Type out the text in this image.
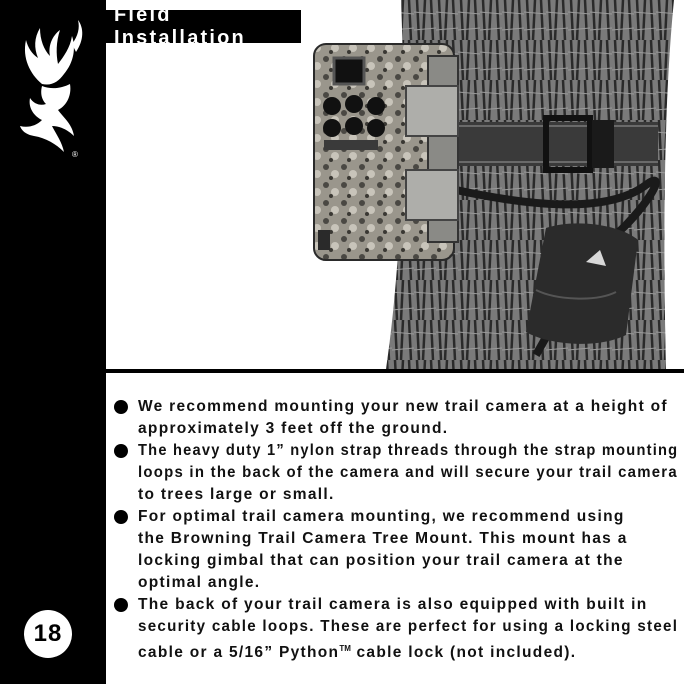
®
18
Field Installation
We recommend mounting your new trail camera at a height of
approximately 3 feet off the ground.
The heavy duty 1” nylon strap threads through the strap mounting
loops in the back of the camera and will secure your trail camera
to trees large or small.
For optimal trail camera mounting, we recommend using
the Browning Trail Camera Tree Mount. This mount has a
locking gimbal that can position your trail camera at the
optimal angle.
The back of your trail camera is also equipped with built in
security cable loops. These are perfect for using a locking steel
cable or a 5/16” Python™ cable lock (not included).
